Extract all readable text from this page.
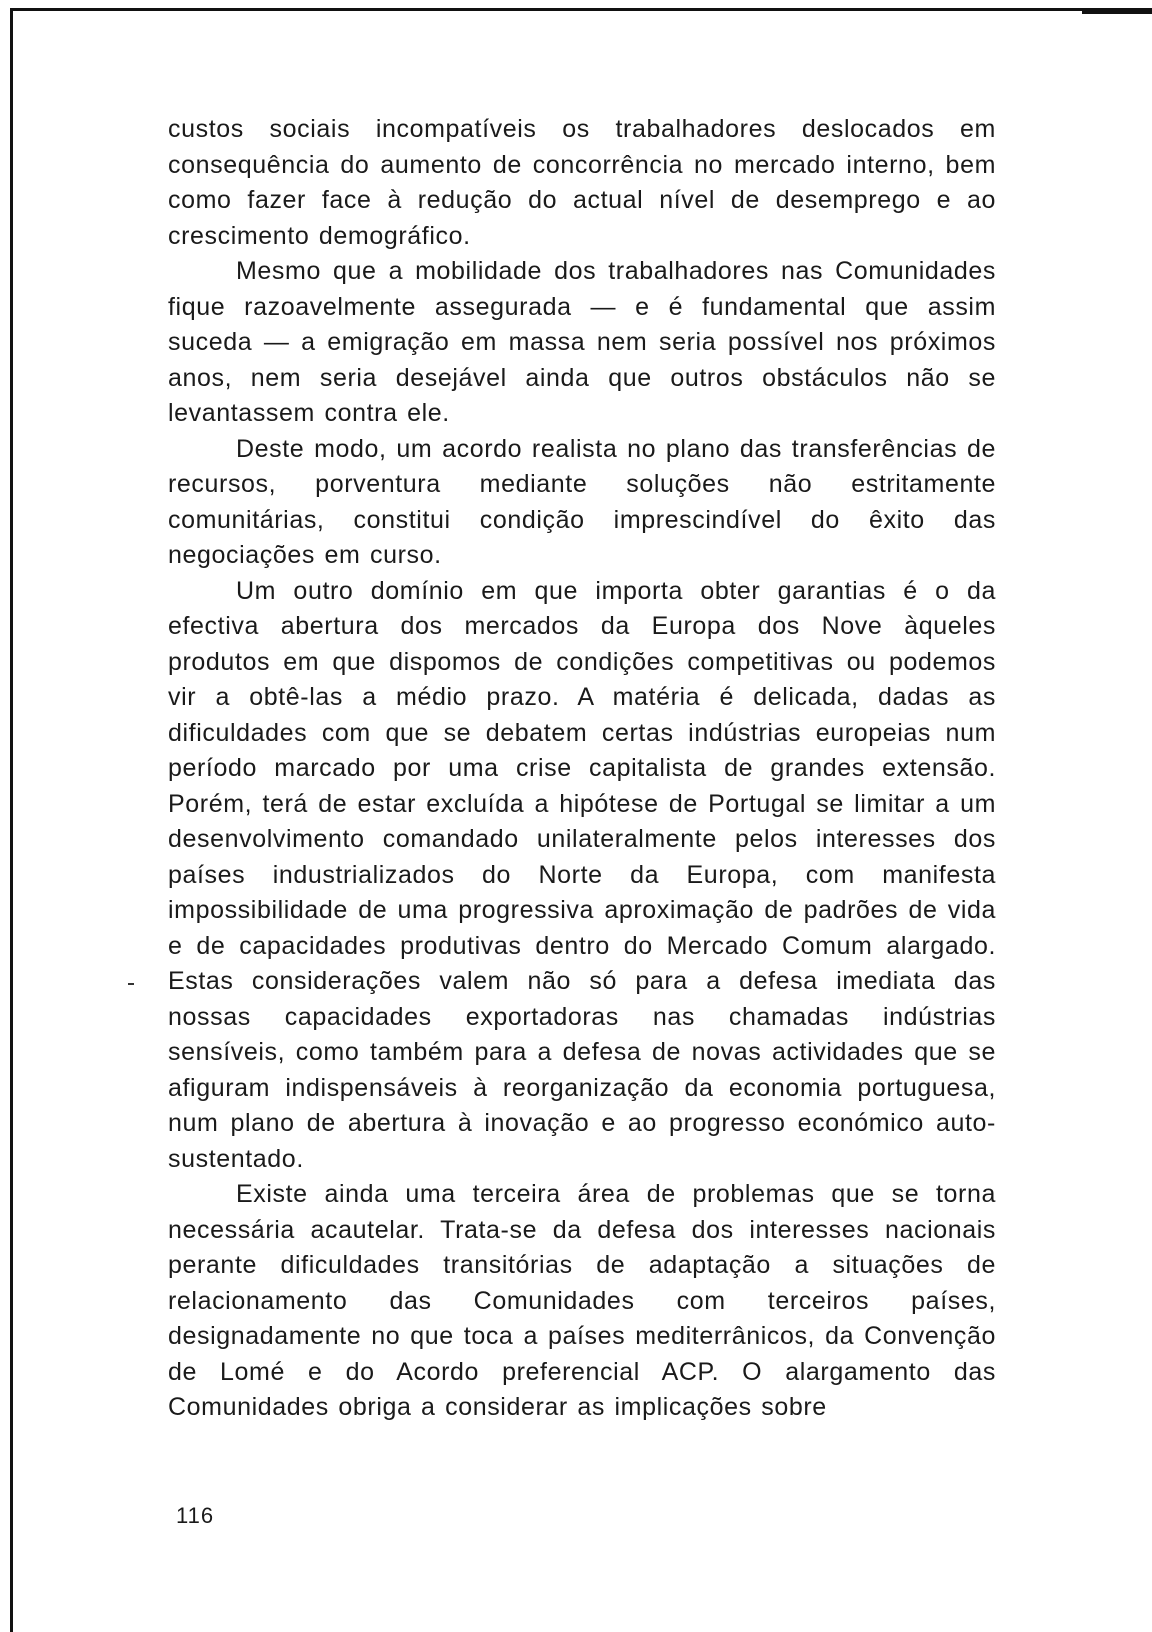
custos sociais incompatíveis os trabalhadores deslocados em consequência do aumento de concorrência no mercado interno, bem como fazer face à redução do actual nível de desemprego e ao crescimento demográfico.

Mesmo que a mobilidade dos trabalhadores nas Comunidades fique razoavelmente assegurada — e é fundamental que assim suceda — a emigração em massa nem seria possível nos próximos anos, nem seria desejável ainda que outros obstáculos não se levantassem contra ele.

Deste modo, um acordo realista no plano das transferências de recursos, porventura mediante soluções não estritamente comunitárias, constitui condição imprescindível do êxito das negociações em curso.

Um outro domínio em que importa obter garantias é o da efectiva abertura dos mercados da Europa dos Nove àqueles produtos em que dispomos de condições competitivas ou podemos vir a obtê-las a médio prazo. A matéria é delicada, dadas as dificuldades com que se debatem certas indústrias europeias num período marcado por uma crise capitalista de grandes extensão. Porém, terá de estar excluída a hipótese de Portugal se limitar a um desenvolvimento comandado unilateralmente pelos interesses dos países industrializados do Norte da Europa, com manifesta impossibilidade de uma progressiva aproximação de padrões de vida e de capacidades produtivas dentro do Mercado Comum alargado. Estas considerações valem não só para a defesa imediata das nossas capacidades exportadoras nas chamadas indústrias sensíveis, como também para a defesa de novas actividades que se afiguram indispensáveis à reorganização da economia portuguesa, num plano de abertura à inovação e ao progresso económico auto-sustentado.

Existe ainda uma terceira área de problemas que se torna necessária acautelar. Trata-se da defesa dos interesses nacionais perante dificuldades transitórias de adaptação a situações de relacionamento das Comunidades com terceiros países, designadamente no que toca a países mediterrânicos, da Convenção de Lomé e do Acordo preferencial ACP. O alargamento das Comunidades obriga a considerar as implicações sobre

116
